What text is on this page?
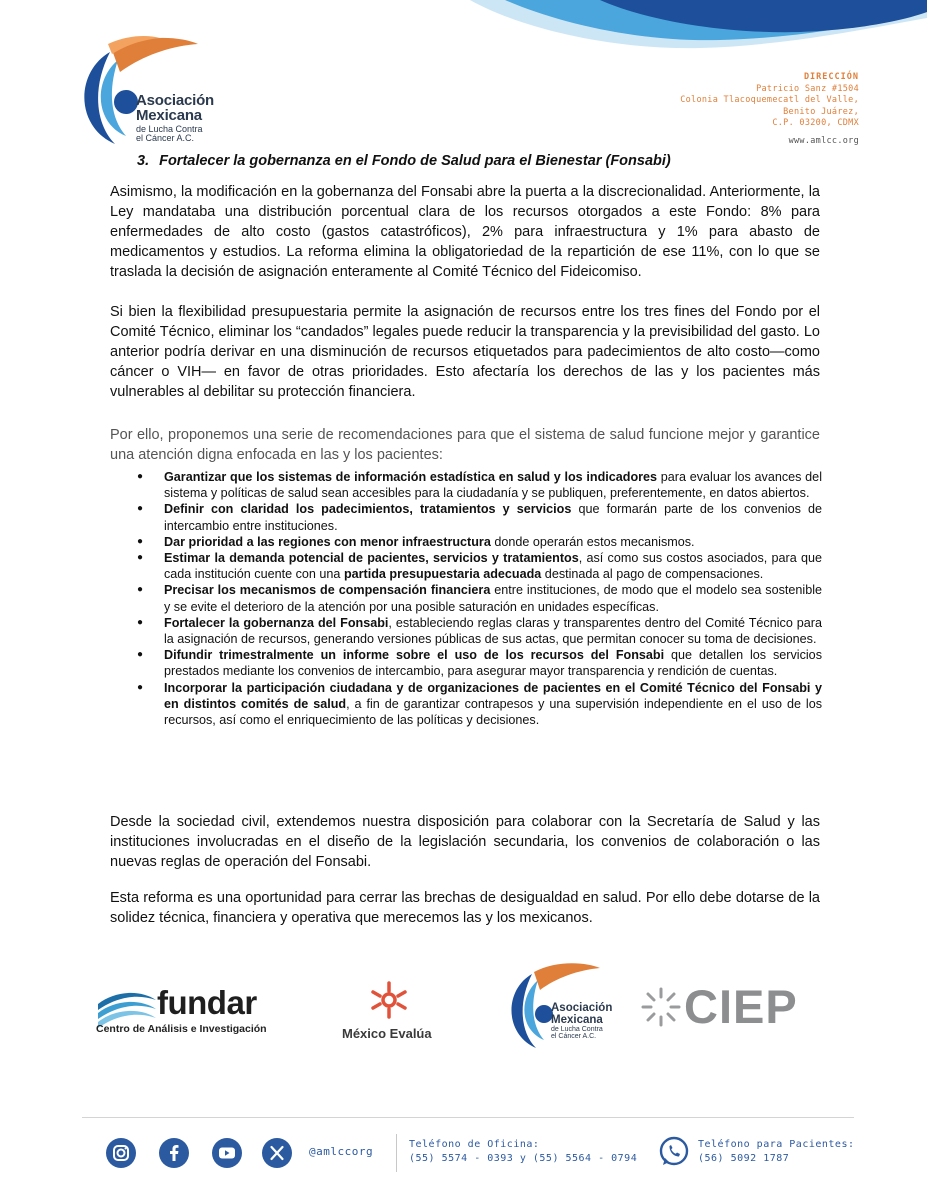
Asociación
Mexicana
de Lucha Contra
el Cáncer A.C.
DIRECCIÓN
Patricio Sanz #1504
Colonia Tlacoquemecatl del Valle,
Benito Juárez,
C.P. 03200, CDMX
www.amlcc.org
3. Fortalecer la gobernanza en el Fondo de Salud para el Bienestar (Fonsabi)

Asimismo, la modificación en la gobernanza del Fonsabi abre la puerta a la discrecionalidad. Anteriormente, la Ley mandataba una distribución porcentual clara de los recursos otorgados a este Fondo: 8% para enfermedades de alto costo (gastos catastróficos), 2% para infraestructura y 1% para abasto de medicamentos y estudios. La reforma elimina la obligatoriedad de la repartición de ese 11%, con lo que se traslada la decisión de asignación enteramente al Comité Técnico del Fideicomiso.

Si bien la flexibilidad presupuestaria permite la asignación de recursos entre los tres fines del Fondo por el Comité Técnico, eliminar los “candados” legales puede reducir la transparencia y la previsibilidad del gasto. Lo anterior podría derivar en una disminución de recursos etiquetados para padecimientos de alto costo—como cáncer o VIH— en favor de otras prioridades. Esto afectaría los derechos de las y los pacientes más vulnerables al debilitar su protección financiera.

Por ello, proponemos una serie de recomendaciones para que el sistema de salud funcione mejor y garantice una atención digna enfocada en las y los pacientes:

● Garantizar que los sistemas de información estadística en salud y los indicadores para evaluar los avances del sistema y políticas de salud sean accesibles para la ciudadanía y se publiquen, preferentemente, en datos abiertos.
● Definir con claridad los padecimientos, tratamientos y servicios que formarán parte de los convenios de intercambio entre instituciones.
● Dar prioridad a las regiones con menor infraestructura donde operarán estos mecanismos.
● Estimar la demanda potencial de pacientes, servicios y tratamientos, así como sus costos asociados, para que cada institución cuente con una partida presupuestaria adecuada destinada al pago de compensaciones.
● Precisar los mecanismos de compensación financiera entre instituciones, de modo que el modelo sea sostenible y se evite el deterioro de la atención por una posible saturación en unidades específicas.
● Fortalecer la gobernanza del Fonsabi, estableciendo reglas claras y transparentes dentro del Comité Técnico para la asignación de recursos, generando versiones públicas de sus actas, que permitan conocer su toma de decisiones.
● Difundir trimestralmente un informe sobre el uso de los recursos del Fonsabi que detallen los servicios prestados mediante los convenios de intercambio, para asegurar mayor transparencia y rendición de cuentas.
● Incorporar la participación ciudadana y de organizaciones de pacientes en el Comité Técnico del Fonsabi y en distintos comités de salud, a fin de garantizar contrapesos y una supervisión independiente en el uso de los recursos, así como el enriquecimiento de las políticas y decisiones.

Desde la sociedad civil, extendemos nuestra disposición para colaborar con la Secretaría de Salud y las instituciones involucradas en el diseño de la legislación secundaria, los convenios de colaboración o las nuevas reglas de operación del Fonsabi.

Esta reforma es una oportunidad para cerrar las brechas de desigualdad en salud. Por ello debe dotarse de la solidez técnica, financiera y operativa que merecemos las y los mexicanos.

fundar
Centro de Análisis e Investigación	México Evalúa
Asociación
Mexicana
de Lucha Contra
el Cáncer A.C.
CIEP
@amlccorg
Teléfono de Oficina:
(55) 5574 - 0393 y (55) 5564 - 0794
Teléfono para Pacientes:
(56) 5092 1787
